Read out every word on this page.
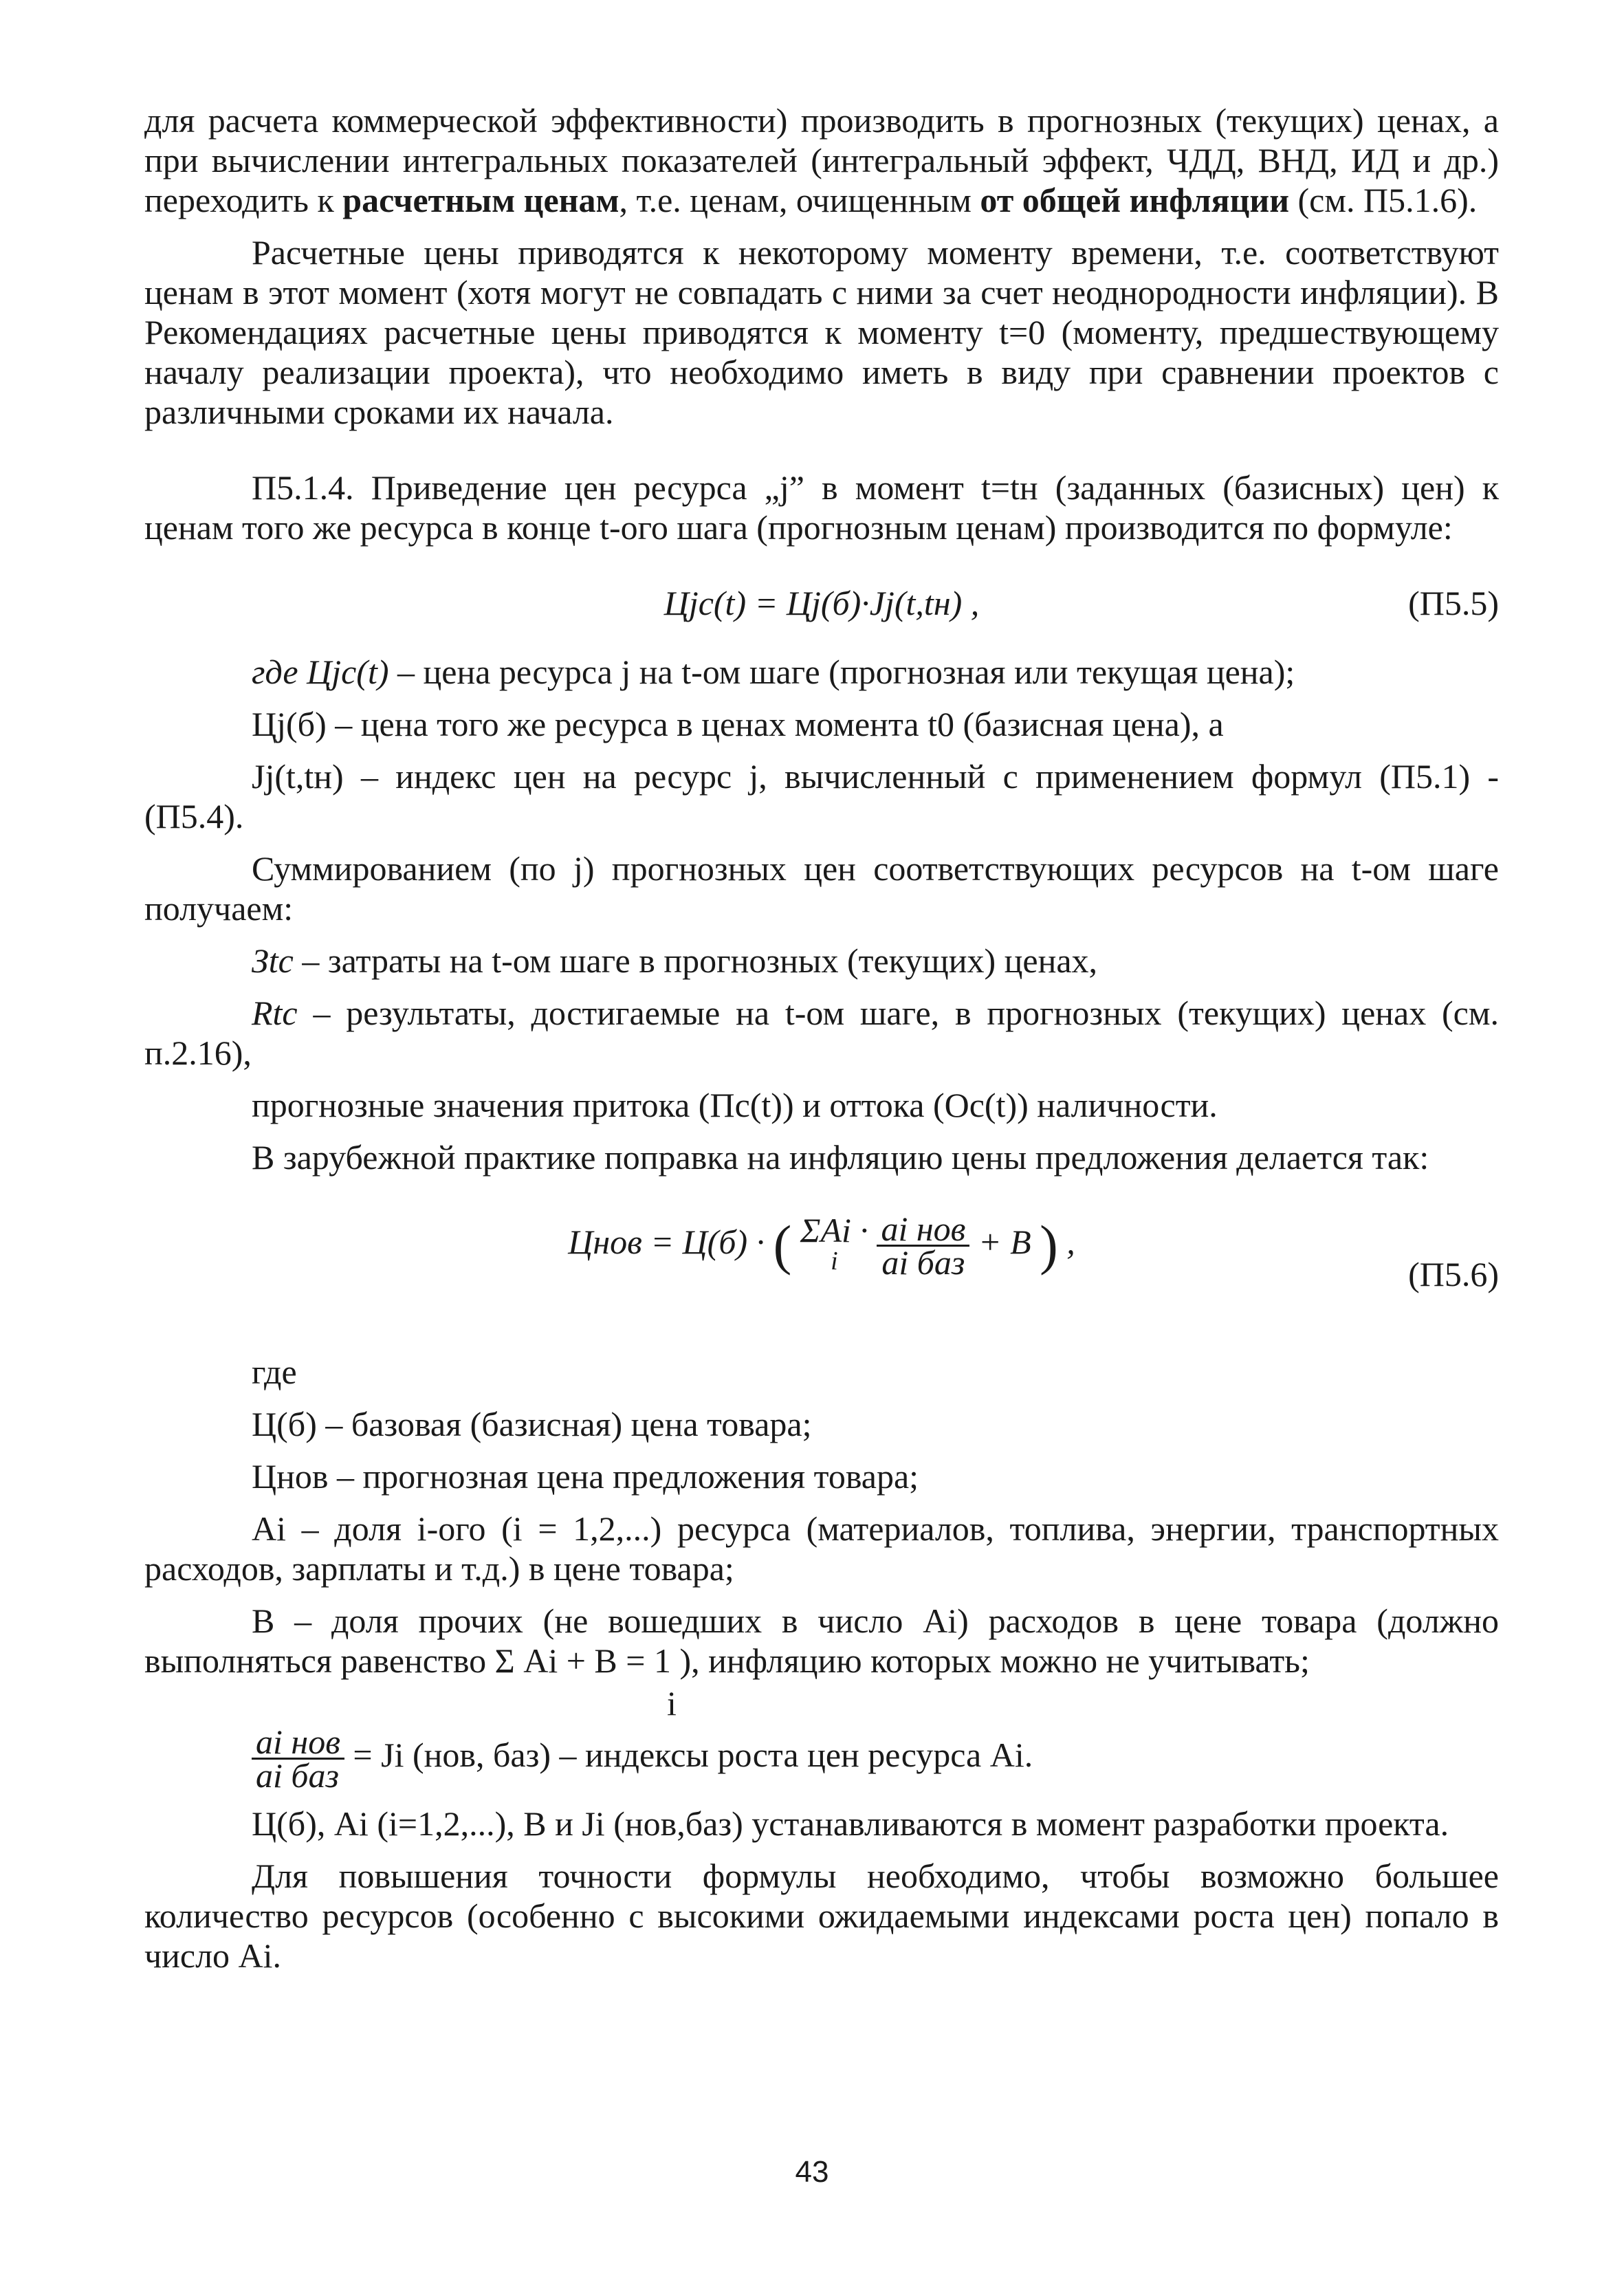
для расчета коммерческой эффективности) производить в прогнозных (текущих) ценах, а при вычислении интегральных показателей (интегральный эффект, ЧДД, ВНД, ИД и др.) переходить к расчетным ценам, т.е. ценам, очищенным от общей инфляции (см. П5.1.6).

Расчетные цены приводятся к некоторому моменту времени, т.е. соответствуют ценам в этот момент (хотя могут не совпадать с ними за счет неоднородности инфляции). В Рекомендациях расчетные цены приводятся к моменту t=0 (моменту, предшествующему началу реализации проекта), что необходимо иметь в виду при сравнении проектов с различными сроками их начала.

П5.1.4. Приведение цен ресурса „j” в момент t=tн (заданных (базисных) цен) к ценам того же ресурса в конце t-ого шага (прогнозным ценам) производится по формуле:

Цjc(t) = Цj(б)·Jj(t,tн) ,	(П5.5)

где Цjc(t) – цена ресурса j на t-ом шаге (прогнозная или текущая цена);

Цj(б) – цена того же ресурса в ценах момента t0 (базисная цена), а

Jj(t,tн) – индекс цен на ресурс j, вычисленный с применением формул (П5.1) - (П5.4).

Суммированием (по j) прогнозных цен соответствующих ресурсов на t-ом шаге получаем:

Зtc – затраты на t-ом шаге в прогнозных (текущих) ценах,

Rtc – результаты, достигаемые на t-ом шаге, в прогнозных (текущих) ценах (см. п.2.16),

прогнозные значения притока (Пc(t)) и оттока (Оc(t)) наличности.

В зарубежной практике поправка на инфляцию цены предложения делается так:

Цнов = Ц(б) · ( ΣAi ·
i
	$\frac{\text{ai нов}}{\text{ai баз}} + B$ ) ,
(П5.6)

где

Ц(б) – базовая (базисная) цена товара;

Цнов – прогнозная цена предложения товара;

Ai – доля i-ого (i = 1,2,...) ресурса (материалов, топлива, энергии, транспортных расходов, зарплаты и т.д.) в цене товара;

В – доля прочих (не вошедших в число Ai) расходов в цене товара (должно выполняться равенство Σ Ai + B = 1 ), инфляцию которых можно не учитывать;

i

$\frac{\text{ai нов}}{\text{ai баз}} = Ji$ (нов, баз) – индексы роста цен ресурса Ai.

Ц(б), Ai (i=1,2,...), В и Ji (нов,баз) устанавливаются в момент разработки проекта.

Для повышения точности формулы необходимо, чтобы возможно большее количество ресурсов (особенно с высокими ожидаемыми индексами роста цен) попало в число Ai.

43
